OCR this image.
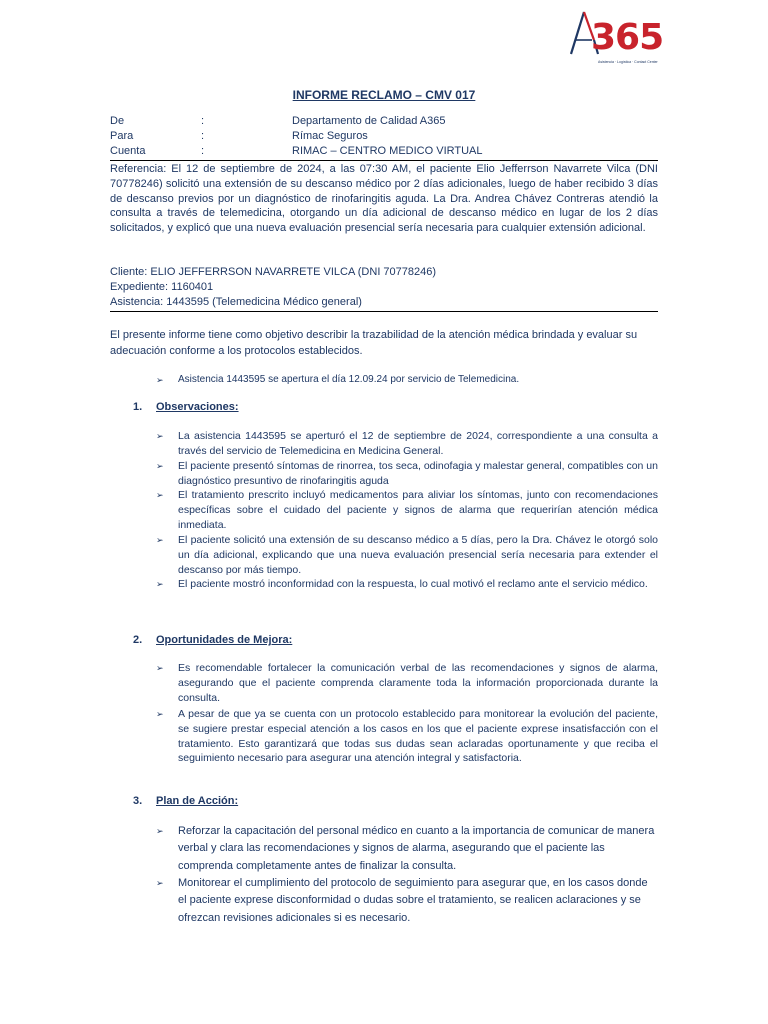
365
Asistencia · Logística · Contact Center
INFORME RECLAMO – CMV 017
De	:	Departamento de Calidad A365
Para	:	Rímac Seguros
Cuenta	:	RIMAC – CENTRO MEDICO VIRTUAL
Referencia: El 12 de septiembre de 2024, a las 07:30 AM, el paciente Elio Jefferrson Navarrete Vilca (DNI 70778246) solicitó una extensión de su descanso médico por 2 días adicionales, luego de haber recibido 3 días de descanso previos por un diagnóstico de rinofaringitis aguda. La Dra. Andrea Chávez Contreras atendió la consulta a través de telemedicina, otorgando un día adicional de descanso médico en lugar de los 2 días solicitados, y explicó que una nueva evaluación presencial sería necesaria para cualquier extensión adicional.
Cliente: ELIO JEFFERRSON NAVARRETE VILCA (DNI 70778246)
Expediente: 1160401
Asistencia: 1443595 (Telemedicina Médico general)
El presente informe tiene como objetivo describir la trazabilidad de la atención médica brindada y evaluar su adecuación conforme a los protocolos establecidos.
➢ Asistencia 1443595 se apertura el día 12.09.24 por servicio de Telemedicina.
1. Observaciones:
➢ La asistencia 1443595 se aperturó el 12 de septiembre de 2024, correspondiente a una consulta a través del servicio de Telemedicina en Medicina General.
➢ El paciente presentó síntomas de rinorrea, tos seca, odinofagia y malestar general, compatibles con un diagnóstico presuntivo de rinofaringitis aguda
➢ El tratamiento prescrito incluyó medicamentos para aliviar los síntomas, junto con recomendaciones específicas sobre el cuidado del paciente y signos de alarma que requerirían atención médica inmediata.
➢ El paciente solicitó una extensión de su descanso médico a 5 días, pero la Dra. Chávez le otorgó solo un día adicional, explicando que una nueva evaluación presencial sería necesaria para extender el descanso por más tiempo.
➢ El paciente mostró inconformidad con la respuesta, lo cual motivó el reclamo ante el servicio médico.
2. Oportunidades de Mejora:
➢ Es recomendable fortalecer la comunicación verbal de las recomendaciones y signos de alarma, asegurando que el paciente comprenda claramente toda la información proporcionada durante la consulta.
➢ A pesar de que ya se cuenta con un protocolo establecido para monitorear la evolución del paciente, se sugiere prestar especial atención a los casos en los que el paciente exprese insatisfacción con el tratamiento. Esto garantizará que todas sus dudas sean aclaradas oportunamente y que reciba el seguimiento necesario para asegurar una atención integral y satisfactoria.
3. Plan de Acción:
➢ Reforzar la capacitación del personal médico en cuanto a la importancia de comunicar de manera verbal y clara las recomendaciones y signos de alarma, asegurando que el paciente las comprenda completamente antes de finalizar la consulta.
➢ Monitorear el cumplimiento del protocolo de seguimiento para asegurar que, en los casos donde el paciente exprese disconformidad o dudas sobre el tratamiento, se realicen aclaraciones y se ofrezcan revisiones adicionales si es necesario.
